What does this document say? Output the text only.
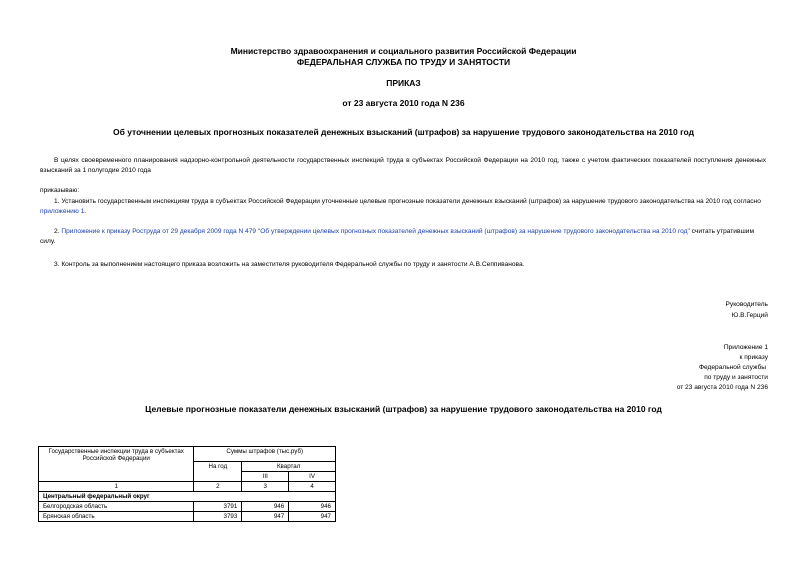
Министерство здравоохранения и социального развития Российской Федерации
ФЕДЕРАЛЬНАЯ СЛУЖБА ПО ТРУДУ И ЗАНЯТОСТИ
ПРИКАЗ
от 23 августа 2010 года N 236
Об уточнении целевых прогнозных показателей денежных взысканий (штрафов) за нарушение трудового законодательства на 2010 год
В целях своевременного планирования надзорно-контрольной деятельности государственных инспекций труда в субъектах Российской Федерации на 2010 год, также с учетом фактических показателей поступления денежных взысканий за 1 полугодие 2010 года
приказываю:
1. Установить государственным инспекциям труда в субъектах Российской Федерации уточненные целевые прогнозные показатели денежных взысканий (штрафов) за нарушение трудового законодательства на 2010 год согласно приложению 1.
2. Приложение к приказу Роструда от 29 декабря 2009 года N 479 "Об утверждении целевых прогнозных показателей денежных взысканий (штрафов) за нарушение трудового законодательства на 2010 год" считать утратившим силу.
3. Контроль за выполнением настоящего приказа возложить на заместителя руководителя Федеральной службы по труду и занятости А.В.Сеппиванова.
Руководитель
Ю.В.Герций
Приложение 1
к приказу
Федеральной службы
по труду и занятости
от 23 августа 2010 года N 236
Целевые прогнозные показатели денежных взысканий (штрафов) за нарушение трудового законодательства на 2010 год
Государственные инспекции труда в субъектах Российской Федерации	Суммы штрафов (тыс.руб)		
	На год	Квартал	
		III	IV
1	2	3	4
Центральный федеральный округ			
Белгородская область	3791	946	946
Брянская область	3793	947	947
